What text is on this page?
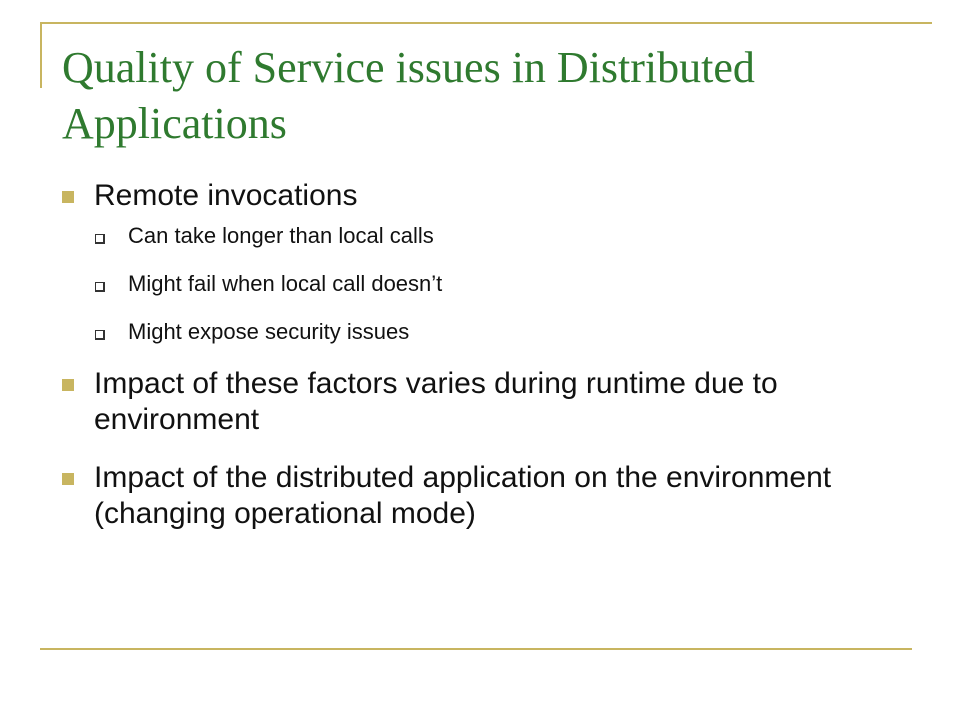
Quality of Service issues in Distributed Applications
Remote invocations
Can take longer than local calls
Might fail when local call doesn’t
Might expose security issues
Impact of these factors varies during runtime due to environment
Impact of the distributed application on the environment (changing operational mode)
